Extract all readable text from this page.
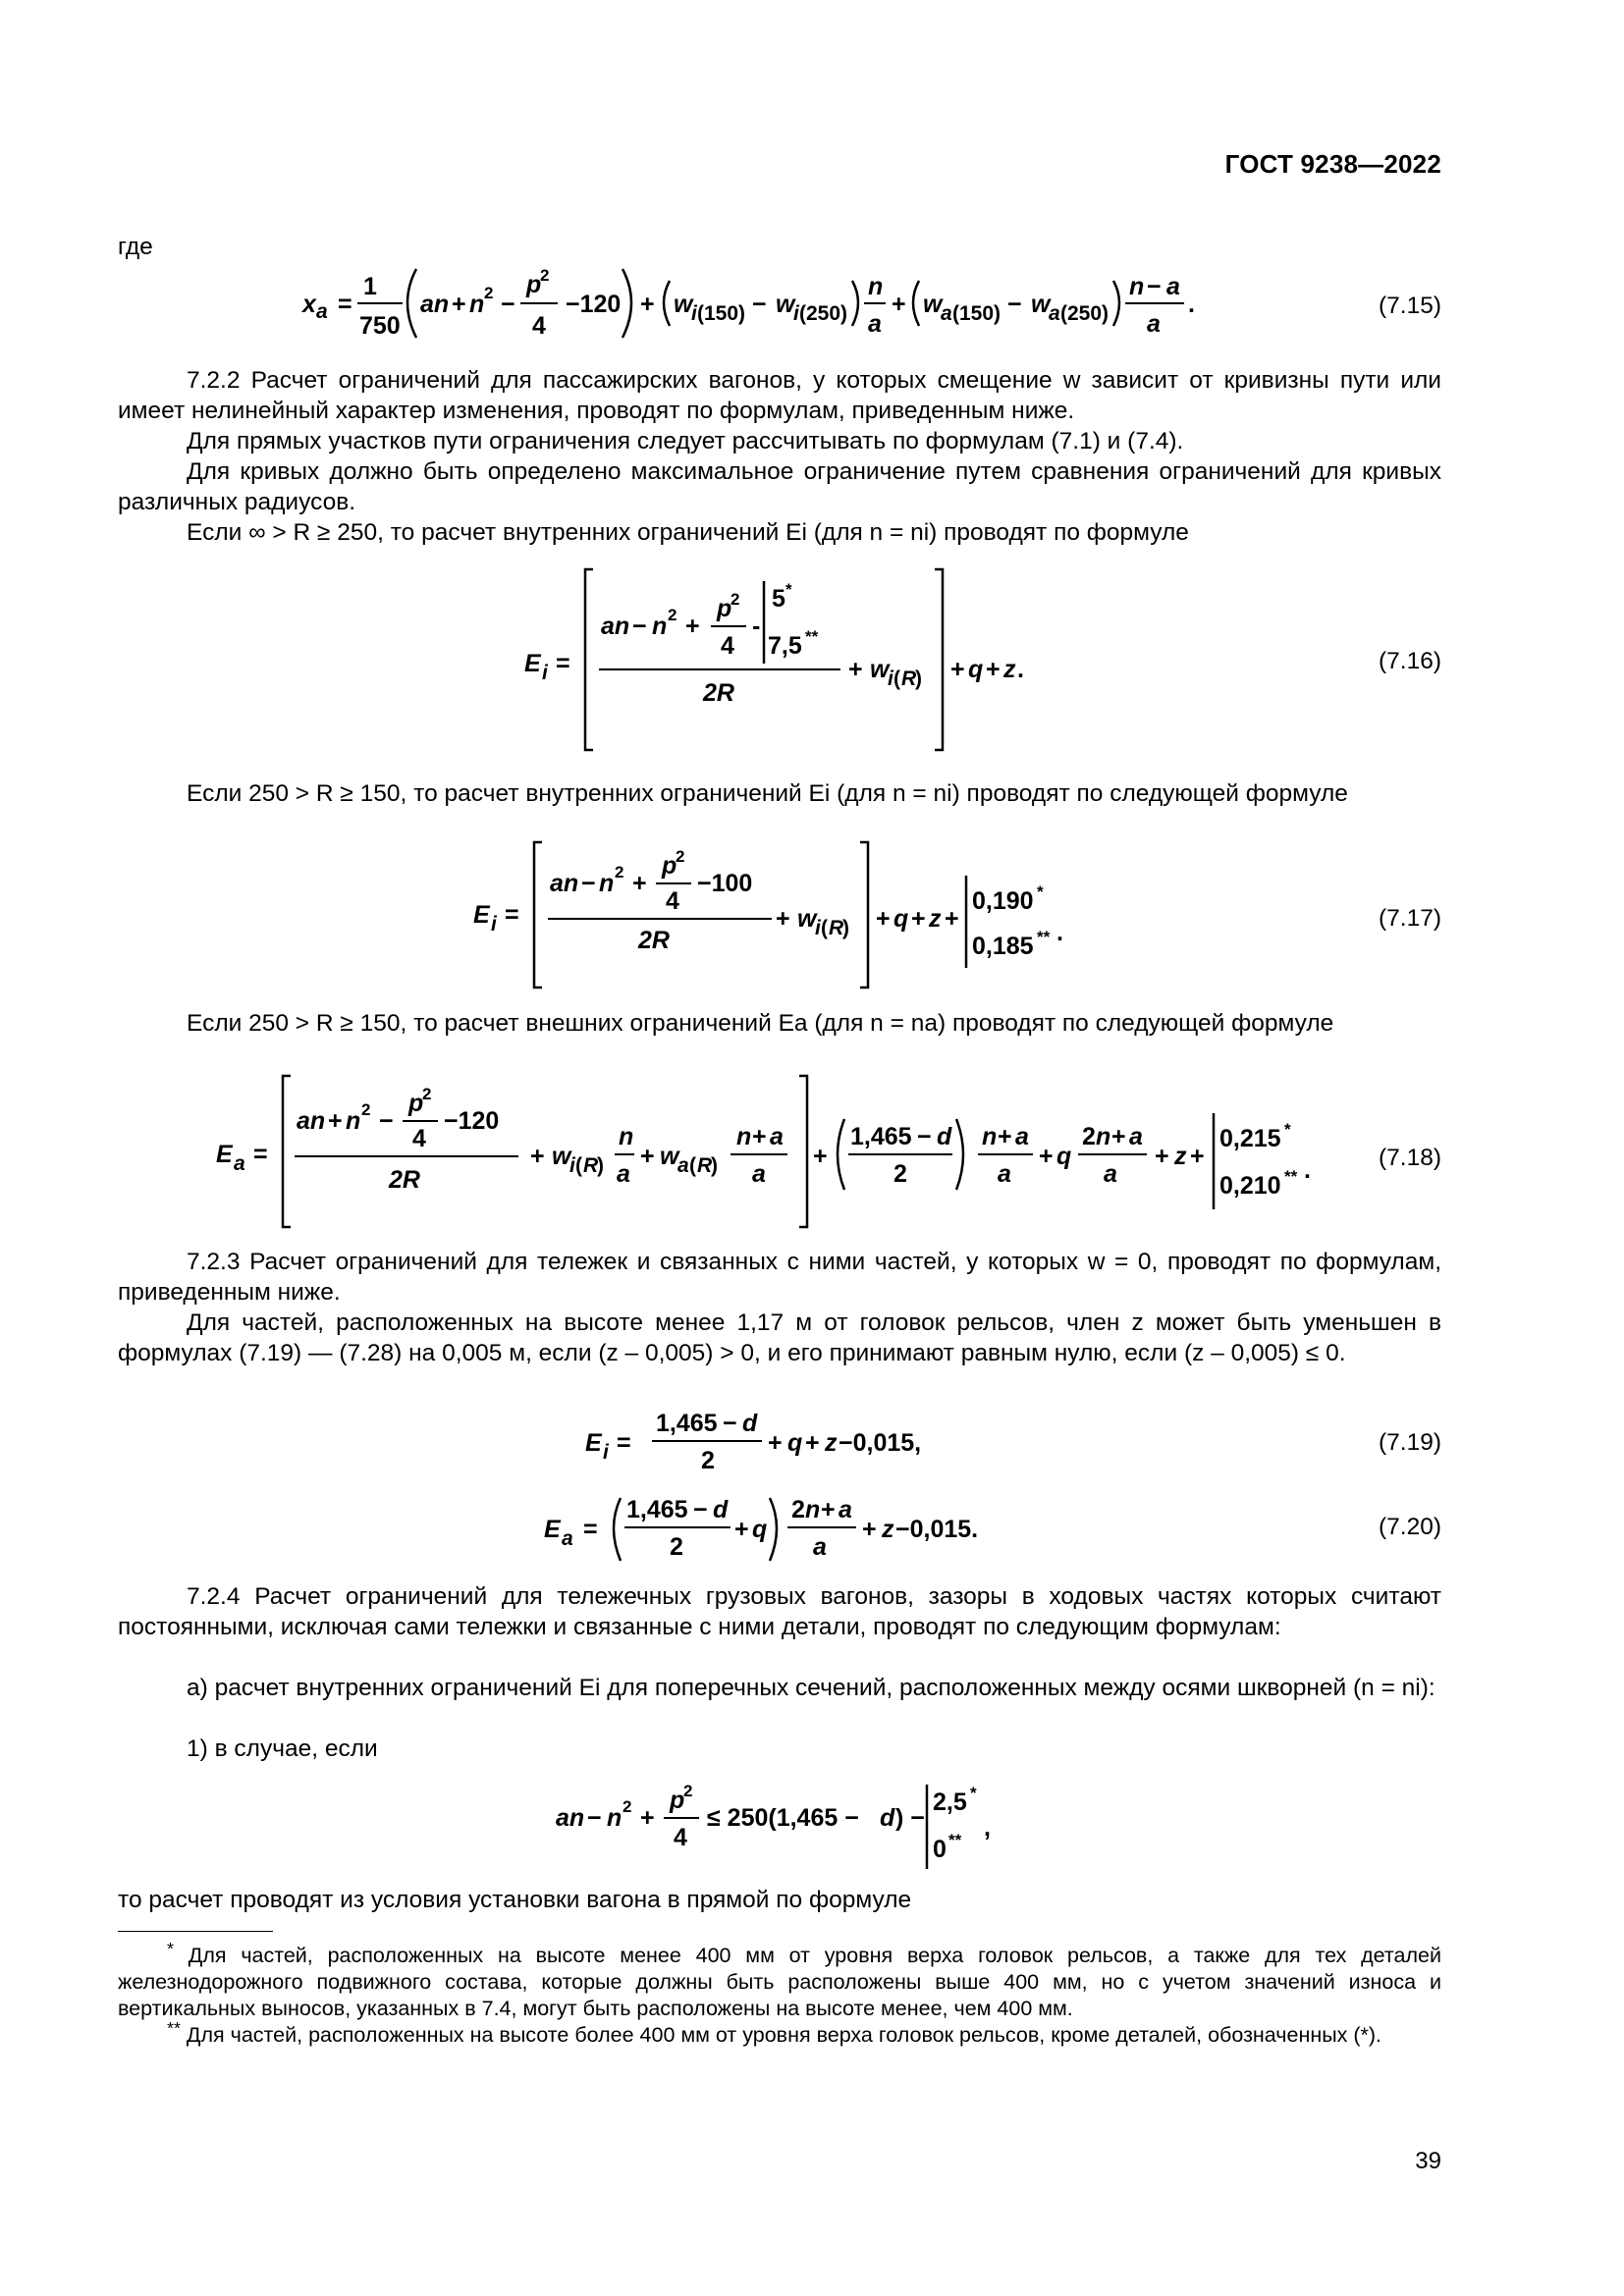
ГОСТ 9238—2022
где
x a =
1
750
an + n 2 −
p
2
4
−120 + w
i (150) − w
i (250)
n
a
+ w
a (150) − w
a (250)
n − a
a
.	(7.15)
7.2.2 Расчет ограничений для пассажирских вагонов, у которых смещение w зависит от кривизны пути или имеет нелинейный характер изменения, проводят по формулам, приведенным ниже.
Для прямых участков пути ограничения следует рассчитывать по формулам (7.1) и (7.4).
Для кривых должно быть определено максимальное ограничение путем сравнения ограничений для кривых различных радиусов.
Если ∞ > R ≥ 250, то расчет внутренних ограничений Ei (для n = ni) проводят по формуле
E i =
an − n 2 +
p
2
4
-
5 *
7,5 **
2R
+ w
i ( R
) + q + z .	(7.16)
Если 250 > R ≥ 150, то расчет внутренних ограничений Ei (для n = ni) проводят по следующей формуле
E i =
an − n 2 +
p
2
4
−100
2R
+ w
i ( R
) + q + z +
0,190 *
0,185 ** .
(7.17)
Если 250 > R ≥ 150, то расчет внешних ограничений Ea (для n = na) проводят по следующей формуле
E a =
an + n 2 −
p
2
4
−120
2R
+ w
i ( R
)
n
a
+ w
a ( R
)
n + a
a
+
1,465 − d
2
n + a
a
+ q
2 n + a
a
+ z +
0,215 *
0,210 ** .	(7.18)
7.2.3 Расчет ограничений для тележек и связанных с ними частей, у которых w = 0, проводят по формулам, приведенным ниже.
Для частей, расположенных на высоте менее 1,17 м от головок рельсов, член z может быть уменьшен в формулах (7.19) — (7.28) на 0,005 м, если (z – 0,005) > 0, и его принимают равным нулю, если (z – 0,005) ≤ 0.
E i =
1,465 − d
2
+ q + z −0,015,	(7.19)
E a =
1,465 − d
2
+ q
2 n + a
a
+ z −0,015.	(7.20)
7.2.4 Расчет ограничений для тележечных грузовых вагонов, зазоры в ходовых частях которых считают постоянными, исключая сами тележки и связанные с ними детали, проводят по следующим формулам:
а) расчет внутренних ограничений Ei для поперечных сечений, расположенных между осями шкворней (n = ni):
1) в случае, если
an − n 2 +
p
2
4
≤ 250(1,465 − d ) −
2,5 *
0 ** ,
то расчет проводят из условия установки вагона в прямой по формуле
* Для частей, расположенных на высоте менее 400 мм от уровня верха головок рельсов, а также для тех деталей железнодорожного подвижного состава, которые должны быть расположены выше 400 мм, но с учетом значений износа и вертикальных выносов, указанных в 7.4, могут быть расположены на высоте менее, чем 400 мм.
** Для частей, расположенных на высоте более 400 мм от уровня верха головок рельсов, кроме деталей, обозначенных (*).
39
